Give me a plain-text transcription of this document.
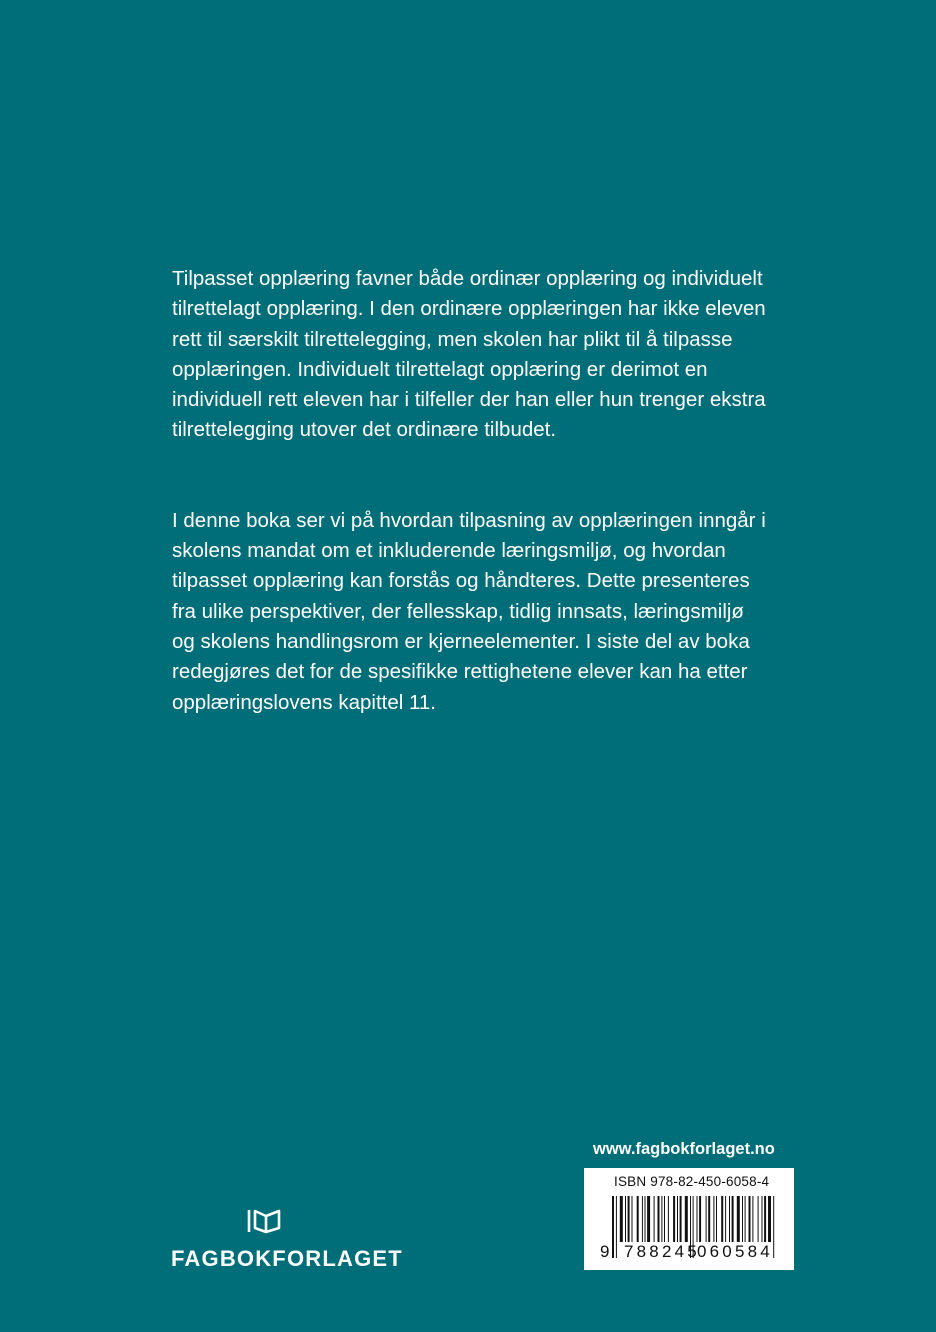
Tilpasset opplæring favner både ordinær opplæring og individuelt tilrettelagt opplæring. I den ordinære opplæringen har ikke eleven rett til særskilt tilrettelegging, men skolen har plikt til å tilpasse opplæringen. Individuelt tilrettelagt opplæring er derimot en individuell rett eleven har i tilfeller der han eller hun trenger ekstra tilrettelegging utover det ordinære tilbudet.

I denne boka ser vi på hvordan tilpasning av opplæringen inngår i skolens mandat om et inkluderende læringsmiljø, og hvordan tilpasset opplæring kan forstås og håndteres. Dette presenteres fra ulike perspektiver, der fellesskap, tidlig innsats, læringsmiljø og skolens handlingsrom er kjerneelementer. I siste del av boka redegjøres det for de spesifikke rettighetene elever kan ha etter opplæringslovens kapittel 11.

www.fagbokforlaget.no
ISBN 978-82-450-6058-4
9 788245
060584
FAGBOKFORLAGET
